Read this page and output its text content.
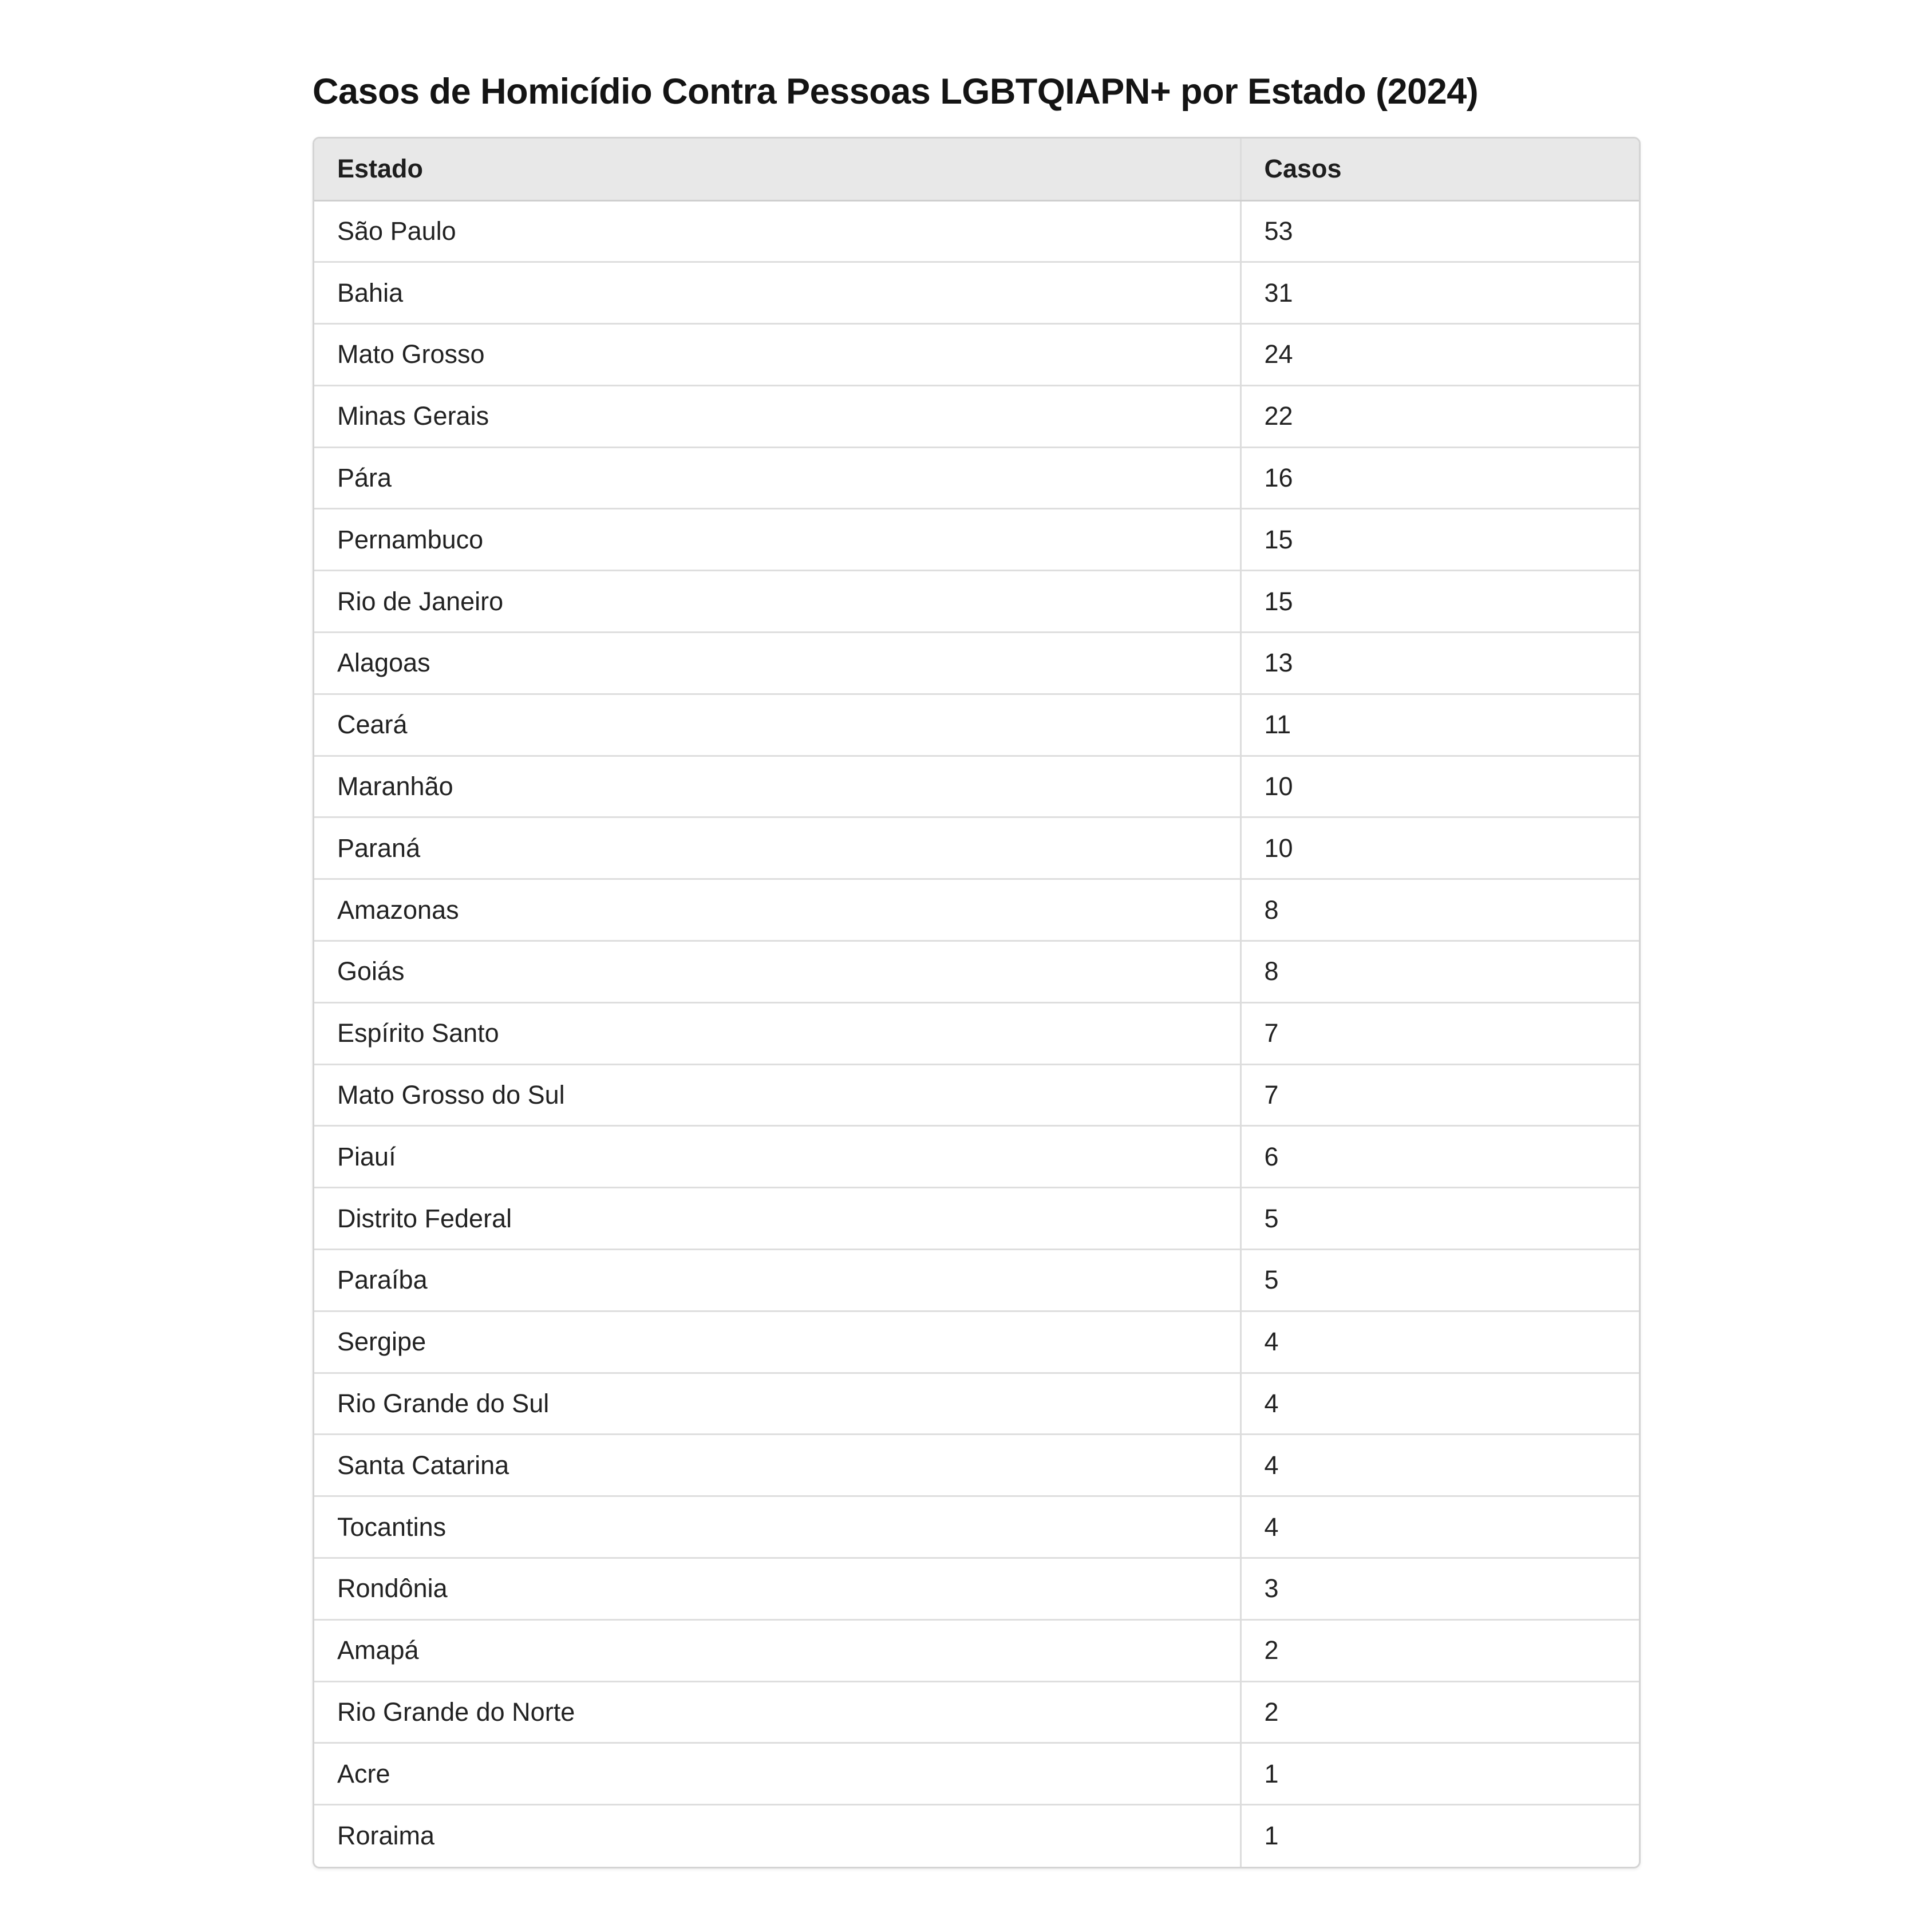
Casos de Homicídio Contra Pessoas LGBTQIAPN+ por Estado (2024)
Estado	Casos
São Paulo	53
Bahia	31
Mato Grosso	24
Minas Gerais	22
Pára	16
Pernambuco	15
Rio de Janeiro	15
Alagoas	13
Ceará	11
Maranhão	10
Paraná	10
Amazonas	8
Goiás	8
Espírito Santo	7
Mato Grosso do Sul	7
Piauí	6
Distrito Federal	5
Paraíba	5
Sergipe	4
Rio Grande do Sul	4
Santa Catarina	4
Tocantins	4
Rondônia	3
Amapá	2
Rio Grande do Norte	2
Acre	1
Roraima	1
